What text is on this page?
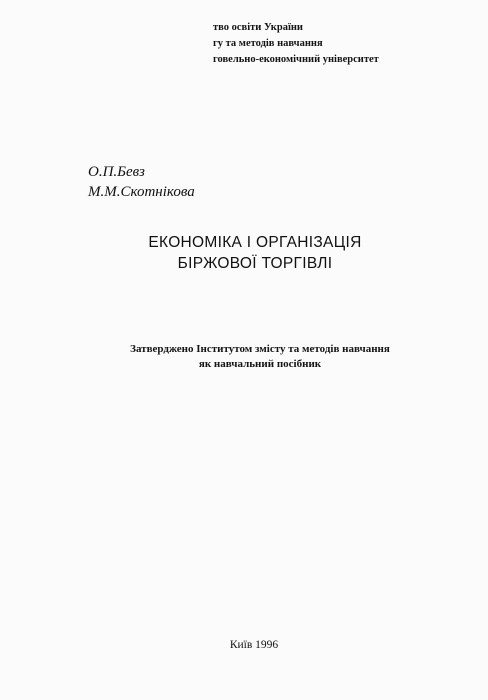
тво освіти України
гу та методів навчання
говельно-економічний університет
О.П.Бевз
М.М.Скотнікова
ЕКОНОМІКА І ОРГАНІЗАЦІЯ
БІРЖОВОЇ ТОРГІВЛІ
Затверджено Інститутом змісту та методів навчання
як навчальний посібник
Київ 1996
